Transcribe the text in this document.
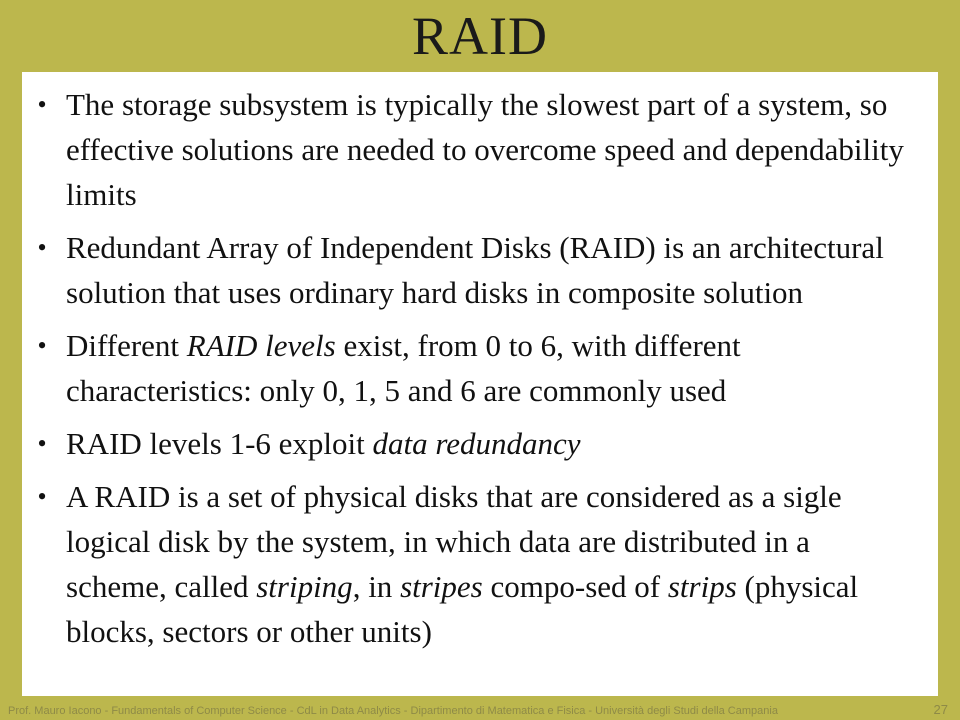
RAID
• The storage subsystem is typically the slowest part of a system, so effective solutions are needed to overcome speed and dependability limits
• Redundant Array of Independent Disks (RAID) is an architectural solution that uses ordinary hard disks in composite solution
• Different RAID levels exist, from 0 to 6, with different characteristics: only 0, 1, 5 and 6 are commonly used
• RAID levels 1-6 exploit data redundancy
• A RAID is a set of physical disks that are considered as a sigle logical disk by the system, in which data are distributed in a scheme, called striping, in stripes compo-sed of strips (physical blocks, sectors or other units)
Prof. Mauro Iacono - Fundamentals of Computer Science - CdL in Data Analytics - Dipartimento di Matematica e Fisica - Università degli Studi della Campania	27
